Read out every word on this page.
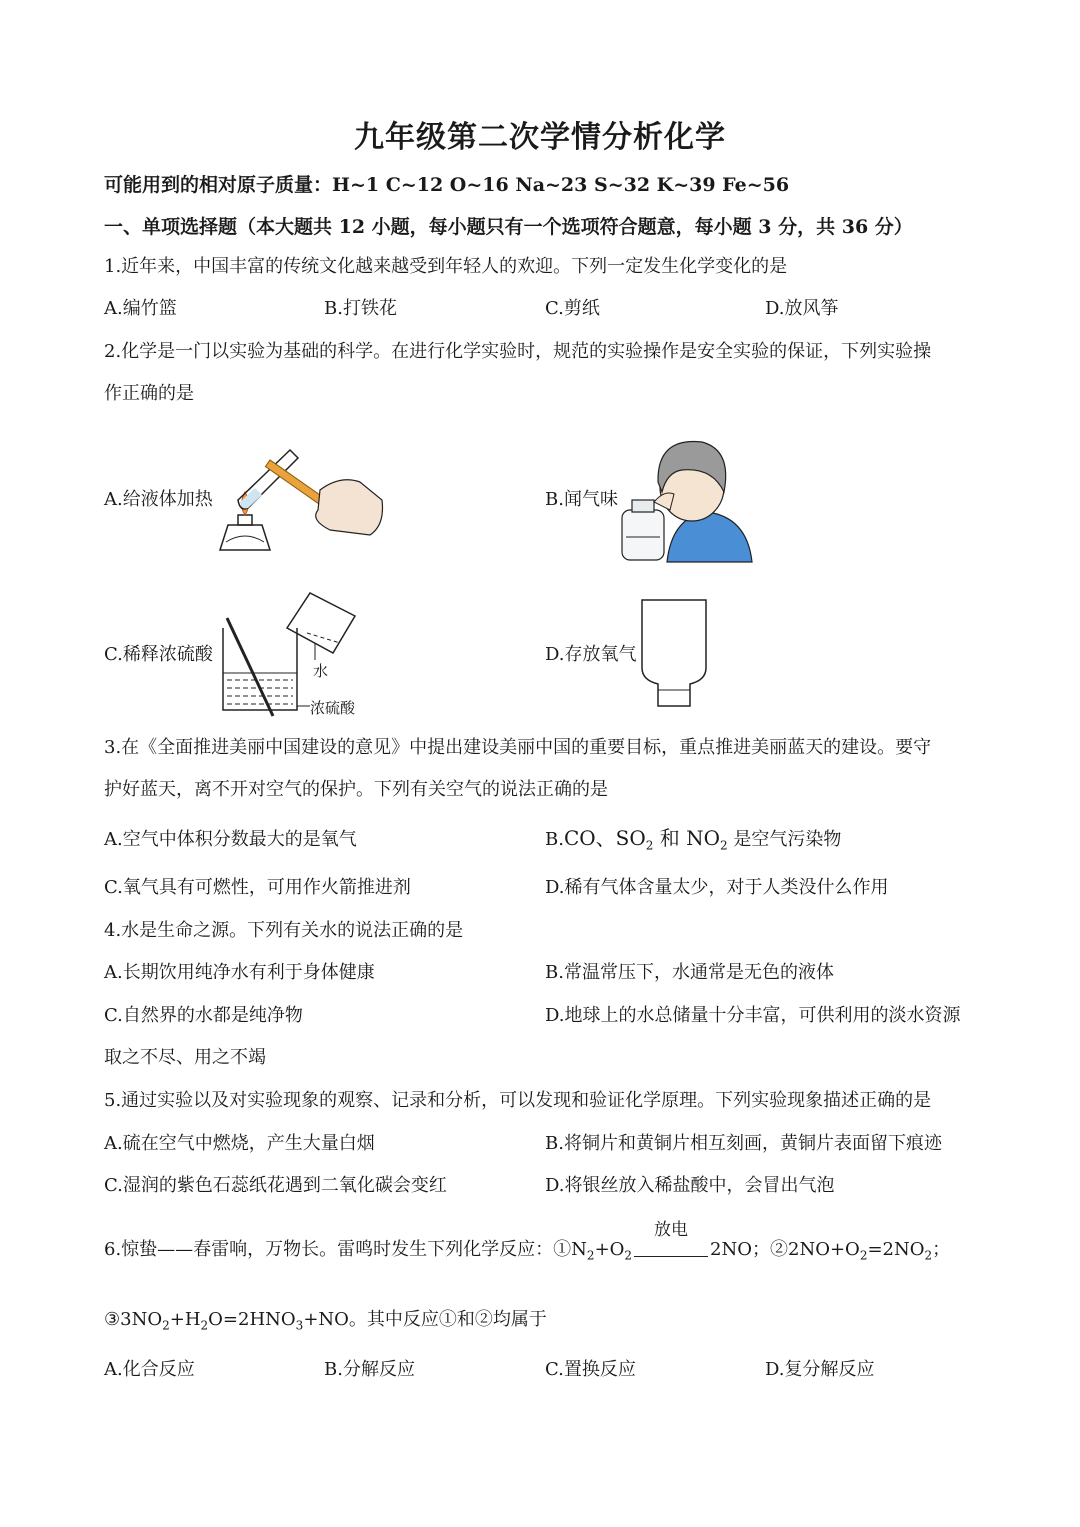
九年级第二次学情分析化学
可能用到的相对原子质量：H~1 C~12 O~16 Na~23 S~32 K~39 Fe~56
一、单项选择题（本大题共 12 小题，每小题只有一个选项符合题意，每小题 3 分，共 36 分）
1.近年来，中国丰富的传统文化越来越受到年轻人的欢迎。下列一定发生化学变化的是
A.编竹篮	B.打铁花	C.剪纸	D.放风筝
2.化学是一门以实验为基础的科学。在进行化学实验时，规范的实验操作是安全实验的保证，下列实验操
作正确的是
A.给液体加热	B.闻气味
C.稀释浓硫酸
水
浓硫酸
D.存放氧气
3.在《全面推进美丽中国建设的意见》中提出建设美丽中国的重要目标，重点推进美丽蓝天的建设。要守
护好蓝天，离不开对空气的保护。下列有关空气的说法正确的是
A.空气中体积分数最大的是氧气	B.CO、$SO_2$ 和 $NO_2$ 是空气污染物
C.氧气具有可燃性，可用作火箭推进剂	D.稀有气体含量太少，对于人类没什么作用
4.水是生命之源。下列有关水的说法正确的是
A.长期饮用纯净水有利于身体健康	B.常温常压下，水通常是无色的液体
C.自然界的水都是纯净物	D.地球上的水总储量十分丰富，可供利用的淡水资源
取之不尽、用之不竭
5.通过实验以及对实验现象的观察、记录和分析，可以发现和验证化学原理。下列实验现象描述正确的是
A.硫在空气中燃烧，产生大量白烟	B.将铜片和黄铜片相互刻画，黄铜片表面留下痕迹
C.湿润的紫色石蕊纸花遇到二氧化碳会变红	D.将银丝放入稀盐酸中，会冒出气泡
6.惊蛰——春雷响，万物长。雷鸣时发生下列化学反应：$①N_2+O_2$
放电
2NO；$②2NO+O_2=2NO_2$；
$③3NO_2+H_2O=2HNO_3+NO$。其中反应①和②均属于
A.化合反应	B.分解反应	C.置换反应	D.复分解反应
